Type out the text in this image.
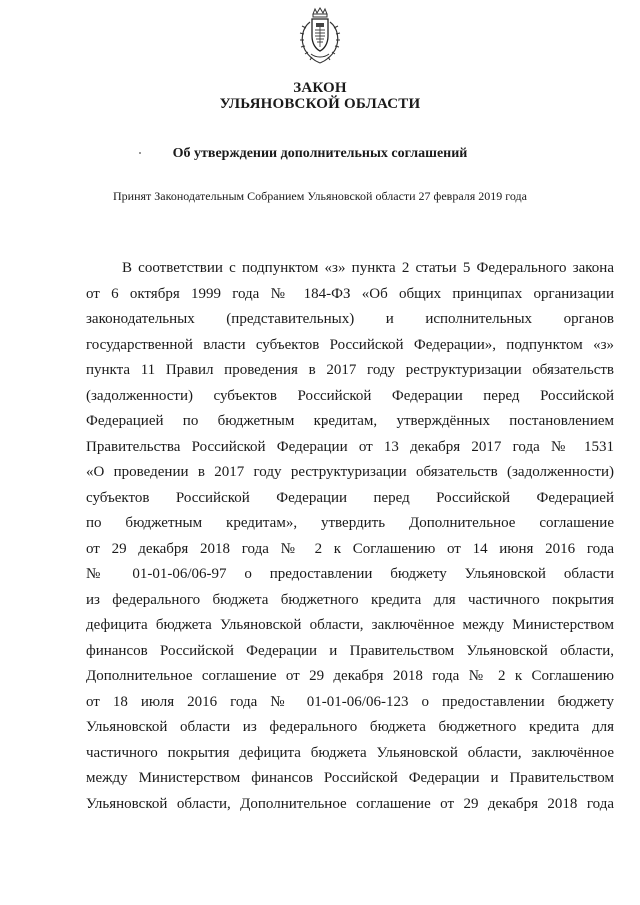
ЗАКОН
УЛЬЯНОВСКОЙ ОБЛАСТИ
Об утверждении дополнительных соглашений
Принят Законодательным Собранием Ульяновской области 27 февраля 2019 года
В соответствии с подпунктом «з» пункта 2 статьи 5 Федерального закона
от 6 октября 1999 года № 184-ФЗ «Об общих принципах организации
законодательных (представительных) и исполнительных органов
государственной власти субъектов Российской Федерации», подпунктом «з»
пункта 11 Правил проведения в 2017 году реструктуризации обязательств
(задолженности) субъектов Российской Федерации перед Российской
Федерацией по бюджетным кредитам, утверждённых постановлением
Правительства Российской Федерации от 13 декабря 2017 года № 1531
«О проведении в 2017 году реструктуризации обязательств (задолженности)
субъектов Российской Федерации перед Российской Федерацией
по бюджетным кредитам», утвердить Дополнительное соглашение
от 29 декабря 2018 года № 2 к Соглашению от 14 июня 2016 года
№ 01-01-06/06-97 о предоставлении бюджету Ульяновской области
из федерального бюджета бюджетного кредита для частичного покрытия
дефицита бюджета Ульяновской области, заключённое между Министерством
финансов Российской Федерации и Правительством Ульяновской области,
Дополнительное соглашение от 29 декабря 2018 года № 2 к Соглашению
от 18 июля 2016 года № 01-01-06/06-123 о предоставлении бюджету
Ульяновской области из федерального бюджета бюджетного кредита для
частичного покрытия дефицита бюджета Ульяновской области, заключённое
между Министерством финансов Российской Федерации и Правительством
Ульяновской области, Дополнительное соглашение от 29 декабря 2018 года
